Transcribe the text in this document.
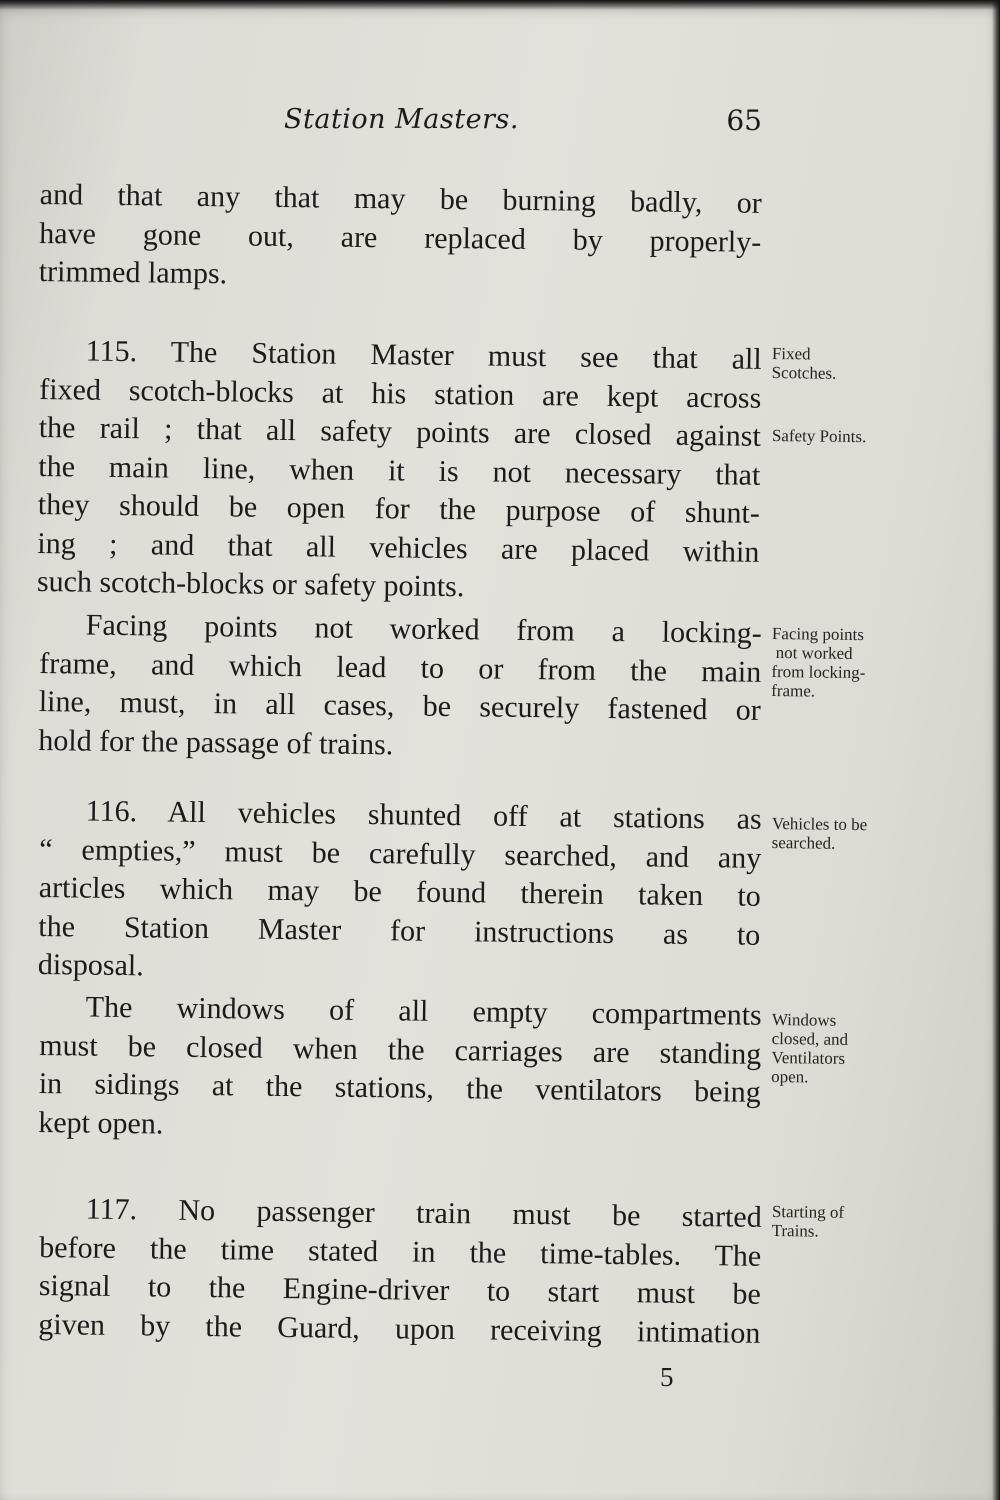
Station Masters.	65
and that any that may be burning badly, or
have gone out, are replaced by properly-
trimmed lamps.
115. The Station Master must see that all
fixed scotch-blocks at his station are kept across
the rail ; that all safety points are closed against
the main line, when it is not necessary that
they should be open for the purpose of shunt-
ing ; and that all vehicles are placed within
such scotch-blocks or safety points.
Facing points not worked from a locking-
frame, and which lead to or from the main
line, must, in all cases, be securely fastened or
hold for the passage of trains.
116. All vehicles shunted off at stations as
“ empties,” must be carefully searched, and any
articles which may be found therein taken to
the Station Master for instructions as to
disposal.
The windows of all empty compartments
must be closed when the carriages are standing
in sidings at the stations, the ventilators being
kept open.
117. No passenger train must be started
before the time stated in the time-tables. The
signal to the Engine-driver to start must be
given by the Guard, upon receiving intimation
Fixed
Scotches.
Safety Points.
Facing points
not worked
from locking-
frame.
Vehicles to be
searched.
Windows
closed, and
Ventilators
open.
Starting of
Trains.
5
